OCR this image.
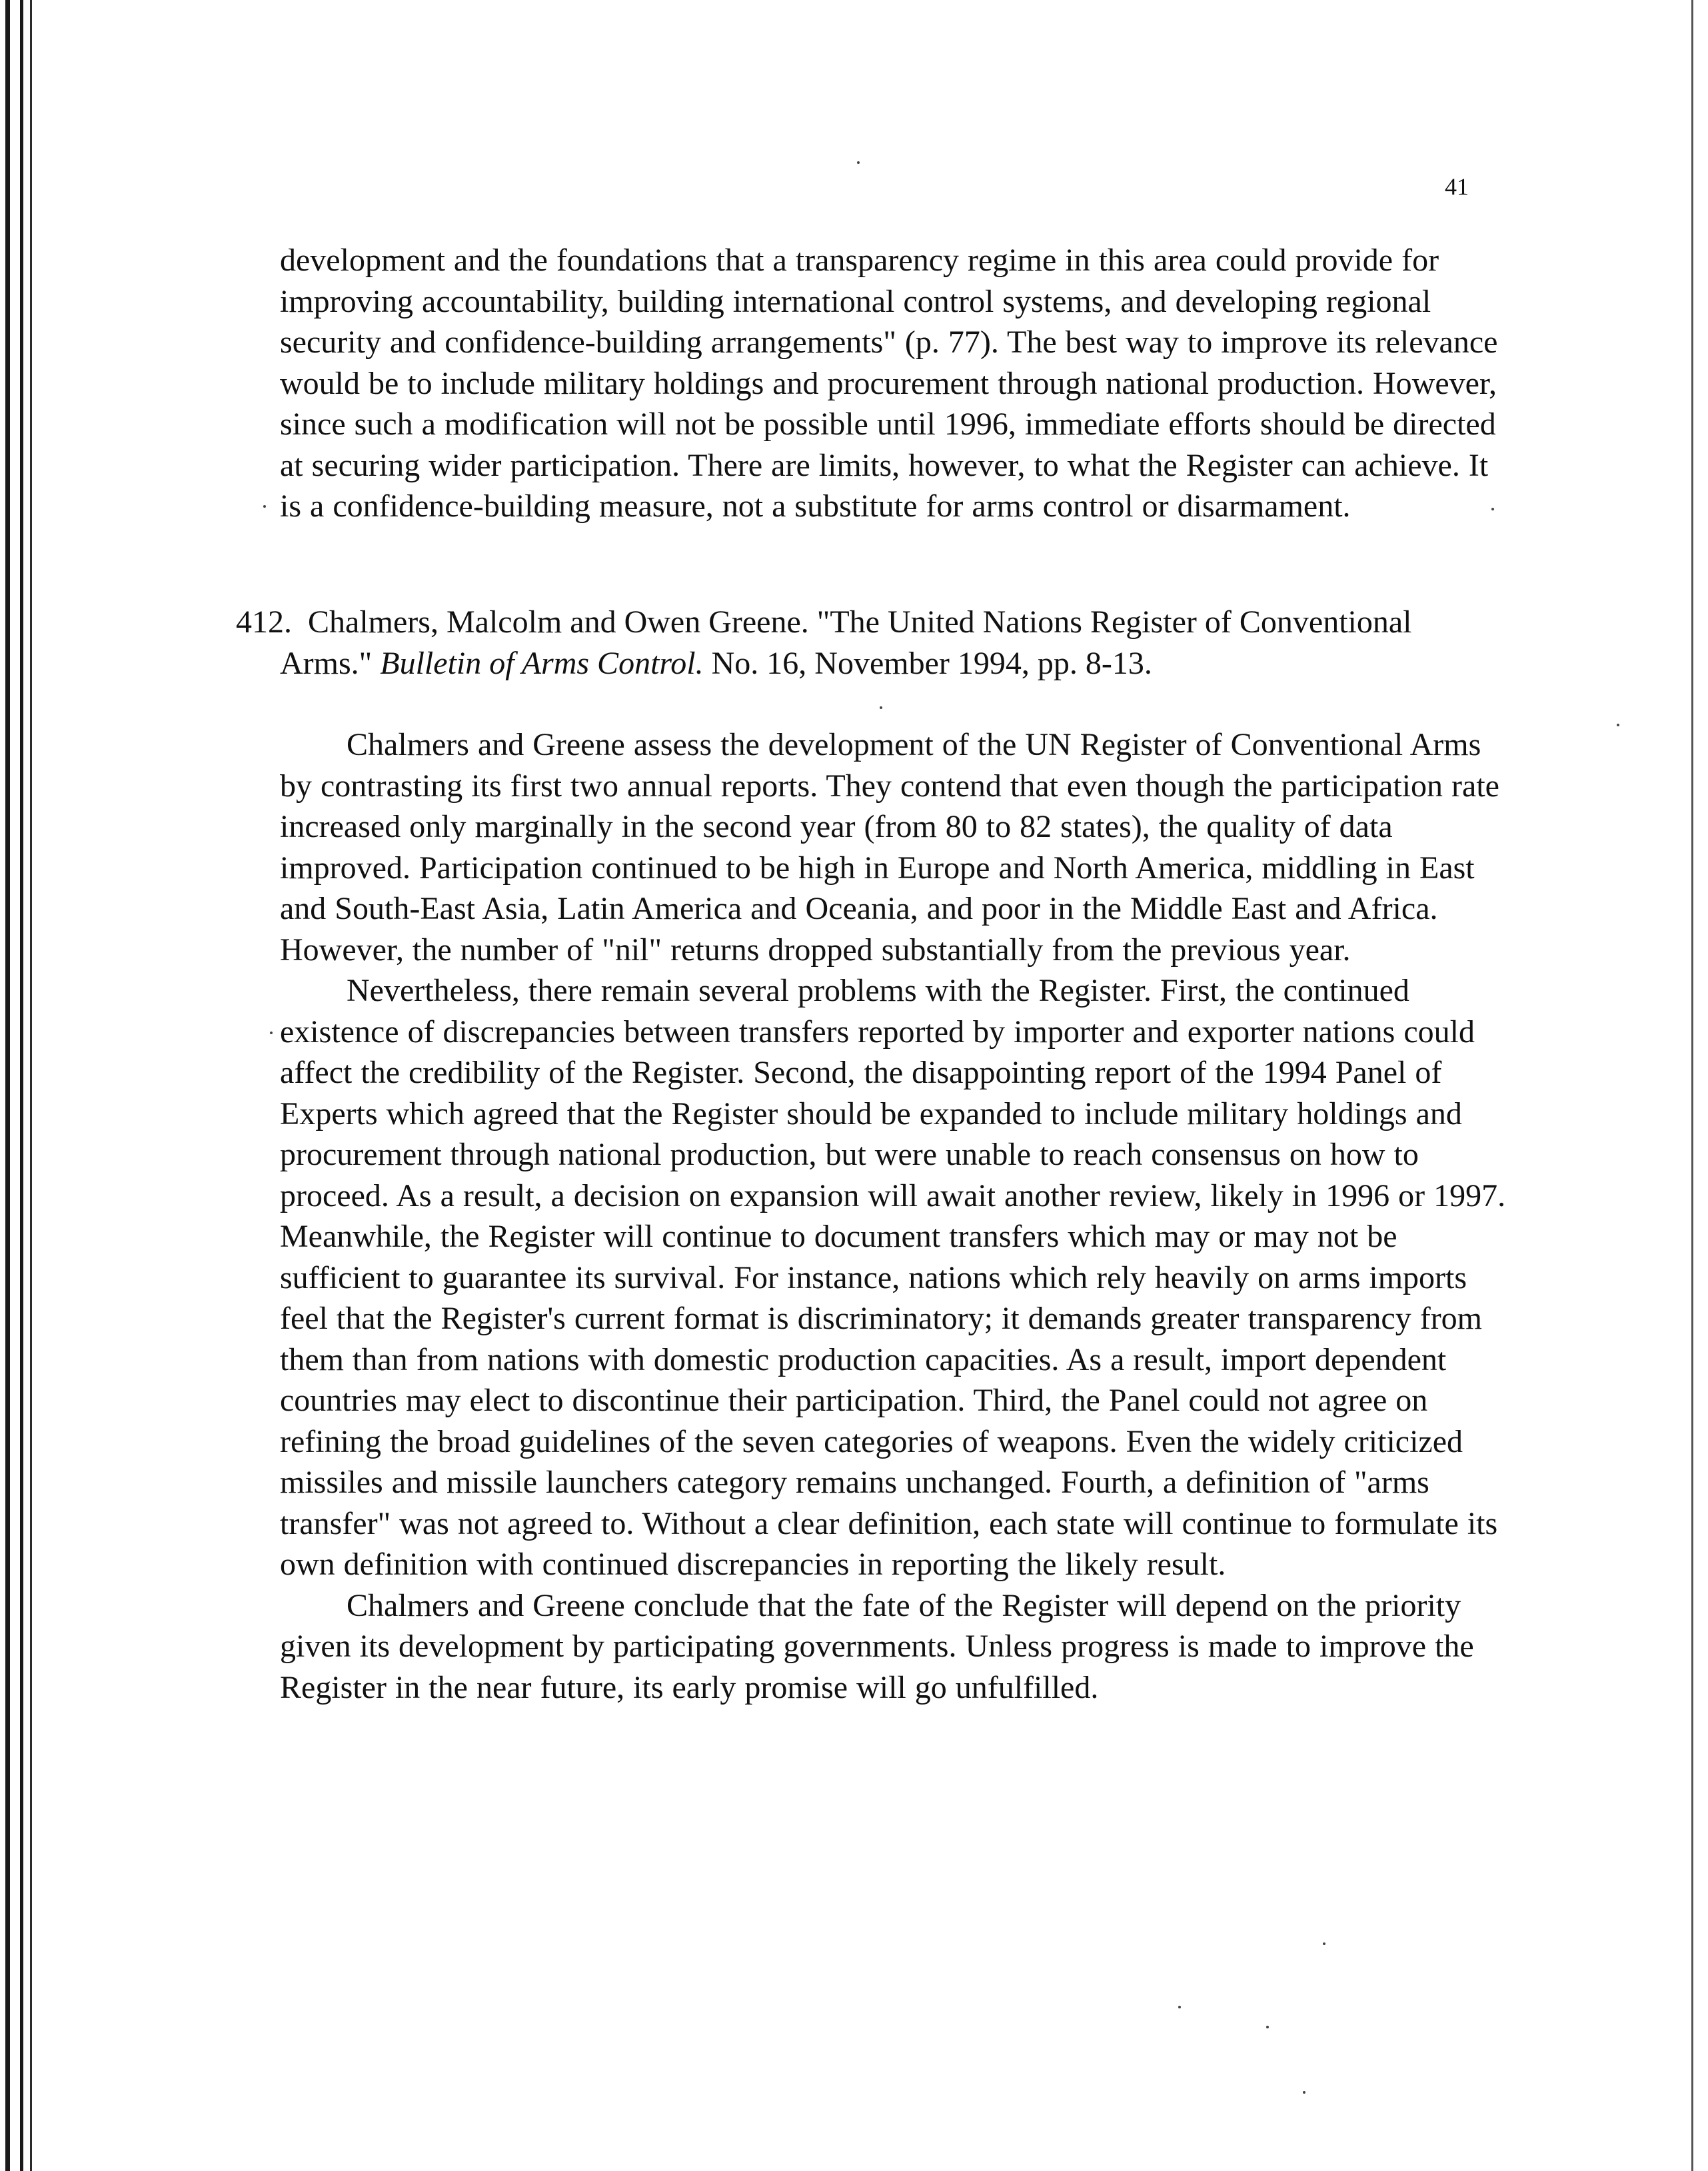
41

development and the foundations that a transparency regime in this area could provide for improving accountability, building international control systems, and developing regional security and confidence-building arrangements" (p. 77). The best way to improve its relevance would be to include military holdings and procurement through national production. However, since such a modification will not be possible until 1996, immediate efforts should be directed at securing wider participation. There are limits, however, to what the Register can achieve. It is a confidence-building measure, not a substitute for arms control or disarmament.

412. Chalmers, Malcolm and Owen Greene. "The United Nations Register of Conventional
Arms." Bulletin of Arms Control. No. 16, November 1994, pp. 8-13.

Chalmers and Greene assess the development of the UN Register of Conventional Arms by contrasting its first two annual reports. They contend that even though the participation rate increased only marginally in the second year (from 80 to 82 states), the quality of data improved. Participation continued to be high in Europe and North America, middling in East and South-East Asia, Latin America and Oceania, and poor in the Middle East and Africa. However, the number of "nil" returns dropped substantially from the previous year.

Nevertheless, there remain several problems with the Register. First, the continued existence of discrepancies between transfers reported by importer and exporter nations could affect the credibility of the Register. Second, the disappointing report of the 1994 Panel of Experts which agreed that the Register should be expanded to include military holdings and procurement through national production, but were unable to reach consensus on how to proceed. As a result, a decision on expansion will await another review, likely in 1996 or 1997. Meanwhile, the Register will continue to document transfers which may or may not be sufficient to guarantee its survival. For instance, nations which rely heavily on arms imports feel that the Register's current format is discriminatory; it demands greater transparency from them than from nations with domestic production capacities. As a result, import dependent countries may elect to discontinue their participation. Third, the Panel could not agree on refining the broad guidelines of the seven categories of weapons. Even the widely criticized missiles and missile launchers category remains unchanged. Fourth, a definition of "arms transfer" was not agreed to. Without a clear definition, each state will continue to formulate its own definition with continued discrepancies in reporting the likely result.

Chalmers and Greene conclude that the fate of the Register will depend on the priority given its development by participating governments. Unless progress is made to improve the Register in the near future, its early promise will go unfulfilled.
